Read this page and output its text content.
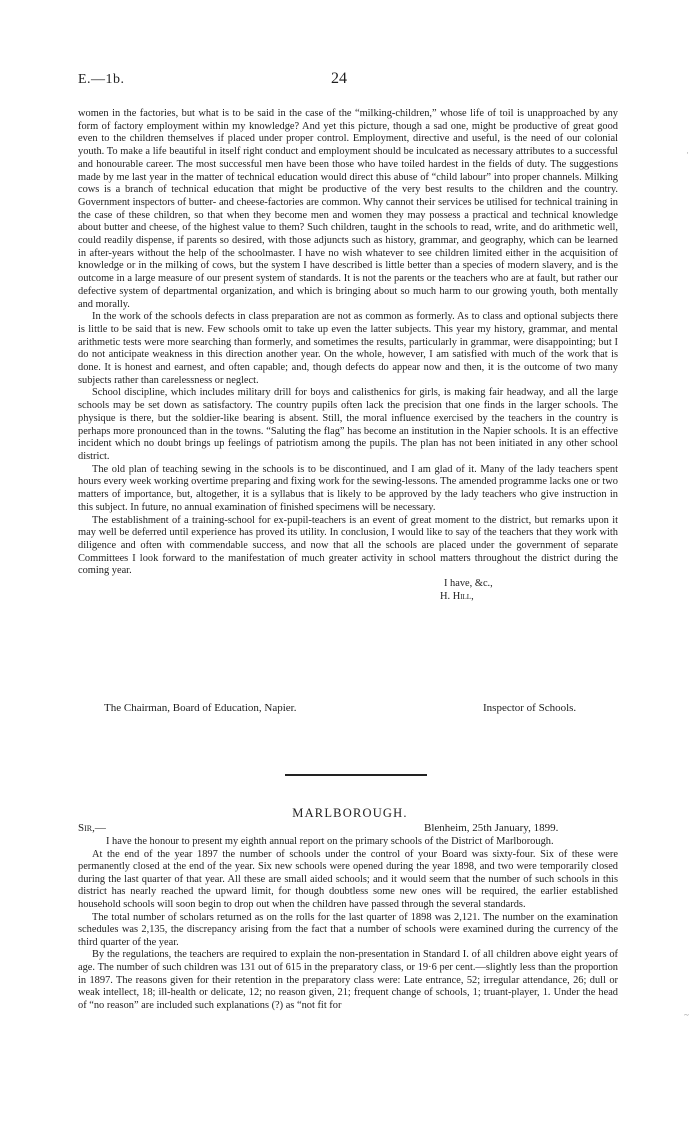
E.—1b.	24

women in the factories, but what is to be said in the case of the “milking-children,” whose life of toil is unapproached by any form of factory employment within my knowledge? And yet this picture, though a sad one, might be productive of great good even to the children themselves if placed under proper control. Employment, directive and useful, is the need of our colonial youth. To make a life beautiful in itself right conduct and employment should be inculcated as necessary attributes to a successful and honourable career. The most successful men have been those who have toiled hardest in the fields of duty. The suggestions made by me last year in the matter of technical education would direct this abuse of “child labour” into proper channels. Milking cows is a branch of technical education that might be productive of the very best results to the children and the country. Government inspectors of butter- and cheese-factories are common. Why cannot their services be utilised for technical training in the case of these children, so that when they become men and women they may possess a practical and technical knowledge about butter and cheese, of the highest value to them? Such children, taught in the schools to read, write, and do arithmetic well, could readily dispense, if parents so desired, with those adjuncts such as history, grammar, and geography, which can be learned in after-years without the help of the schoolmaster. I have no wish whatever to see children limited either in the acquisition of knowledge or in the milking of cows, but the system I have described is little better than a species of modern slavery, and is the outcome in a large measure of our present system of standards. It is not the parents or the teachers who are at fault, but rather our defective system of departmental organization, and which is bringing about so much harm to our growing youth, both mentally and morally.

In the work of the schools defects in class preparation are not as common as formerly. As to class and optional subjects there is little to be said that is new. Few schools omit to take up even the latter subjects. This year my history, grammar, and mental arithmetic tests were more searching than formerly, and sometimes the results, particularly in grammar, were disappointing; but I do not anticipate weakness in this direction another year. On the whole, however, I am satisfied with much of the work that is done. It is honest and earnest, and often capable; and, though defects do appear now and then, it is the outcome of two many subjects rather than carelessness or neglect.

School discipline, which includes military drill for boys and calisthenics for girls, is making fair headway, and all the large schools may be set down as satisfactory. The country pupils often lack the precision that one finds in the larger schools. The physique is there, but the soldier-like bearing is absent. Still, the moral influence exercised by the teachers in the country is perhaps more pronounced than in the towns. “Saluting the flag” has become an institution in the Napier schools. It is an effective incident which no doubt brings up feelings of patriotism among the pupils. The plan has not been initiated in any other school district.

The old plan of teaching sewing in the schools is to be discontinued, and I am glad of it. Many of the lady teachers spent hours every week working overtime preparing and fixing work for the sewing-lessons. The amended programme lacks one or two matters of importance, but, altogether, it is a syllabus that is likely to be approved by the lady teachers who give instruction in this subject. In future, no annual examination of finished specimens will be necessary.

The establishment of a training-school for ex-pupil-teachers is an event of great moment to the district, but remarks upon it may well be deferred until experience has proved its utility. In conclusion, I would like to say of the teachers that they work with diligence and often with commendable success, and now that all the schools are placed under the government of separate Committees I look forward to the manifestation of much greater activity in school matters throughout the district during the coming year.

I have, &c.,
H. Hill,
The Chairman, Board of Education, Napier.	Inspector of Schools.
MARLBOROUGH.
Sir,—	Blenheim, 25th January, 1899.

I have the honour to present my eighth annual report on the primary schools of the District of Marlborough.

At the end of the year 1897 the number of schools under the control of your Board was sixty-four. Six of these were permanently closed at the end of the year. Six new schools were opened during the year 1898, and two were temporarily closed during the last quarter of that year. All these are small aided schools; and it would seem that the number of such schools in this district has nearly reached the upward limit, for though doubtless some new ones will be required, the earlier established household schools will soon begin to drop out when the children have passed through the several standards.

The total number of scholars returned as on the rolls for the last quarter of 1898 was 2,121. The number on the examination schedules was 2,135, the discrepancy arising from the fact that a number of schools were examined during the currency of the third quarter of the year.

By the regulations, the teachers are required to explain the non-presentation in Standard I. of all children above eight years of age. The number of such children was 131 out of 615 in the preparatory class, or 19·6 per cent.—slightly less than the proportion in 1897. The reasons given for their retention in the preparatory class were: Late entrance, 52; irregular attendance, 26; dull or weak intellect, 18; ill-health or delicate, 12; no reason given, 21; frequent change of schools, 1; truant-player, 1. Under the head of “no reason” are included such explanations (?) as “not fit for

·
~
